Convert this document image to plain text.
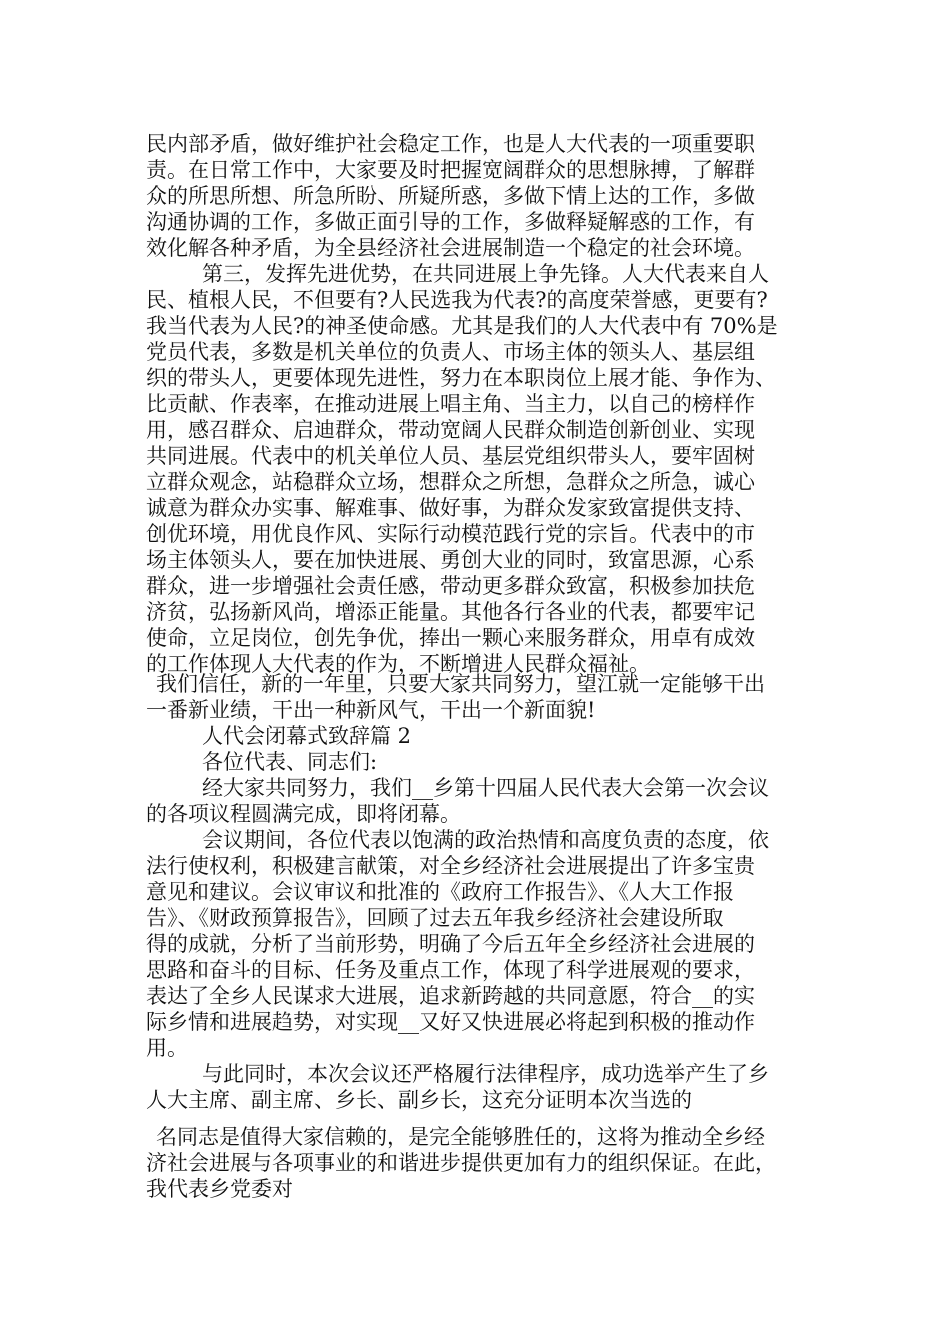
民内部矛盾，做好维护社会稳定工作，也是人大代表的一项重要职
责。在日常工作中，大家要及时把握宽阔群众的思想脉搏，了解群
众的所思所想、所急所盼、所疑所惑，多做下情上达的工作，多做
沟通协调的工作，多做正面引导的工作，多做释疑解惑的工作，有
效化解各种矛盾，为全县经济社会进展制造一个稳定的社会环境。
第三，发挥先进优势，在共同进展上争先锋。人大代表来自人
民、植根人民，不但要有?人民选我为代表?的高度荣誉感，更要有?
我当代表为人民?的神圣使命感。尤其是我们的人大代表中有 70%是
党员代表，多数是机关单位的负责人、市场主体的领头人、基层组
织的带头人，更要体现先进性，努力在本职岗位上展才能、争作为、
比贡献、作表率，在推动进展上唱主角、当主力，以自己的榜样作
用，感召群众、启迪群众，带动宽阔人民群众制造创新创业、实现
共同进展。代表中的机关单位人员、基层党组织带头人，要牢固树
立群众观念，站稳群众立场，想群众之所想，急群众之所急，诚心
诚意为群众办实事、解难事、做好事，为群众发家致富提供支持、
创优环境，用优良作风、实际行动模范践行党的宗旨。代表中的市
场主体领头人，要在加快进展、勇创大业的同时，致富思源，心系
群众，进一步增强社会责任感，带动更多群众致富，积极参加扶危
济贫，弘扬新风尚，增添正能量。其他各行各业的代表，都要牢记
使命，立足岗位，创先争优，捧出一颗心来服务群众，用卓有成效
的工作体现人大代表的作为，不断增进人民群众福祉。
我们信任，新的一年里，只要大家共同努力，望江就一定能够干出
一番新业绩，干出一种新风气，干出一个新面貌!
人代会闭幕式致辞篇 2
各位代表、同志们:
经大家共同努力，我们__乡第十四届人民代表大会第一次会议
的各项议程圆满完成，即将闭幕。
会议期间，各位代表以饱满的政治热情和高度负责的态度，依
法行使权利，积极建言献策，对全乡经济社会进展提出了许多宝贵
意见和建议。会议审议和批准的《政府工作报告》、《人大工作报
告》、《财政预算报告》，回顾了过去五年我乡经济社会建设所取
得的成就，分析了当前形势，明确了今后五年全乡经济社会进展的
思路和奋斗的目标、任务及重点工作，体现了科学进展观的要求，
表达了全乡人民谋求大进展，追求新跨越的共同意愿，符合__的实
际乡情和进展趋势，对实现__又好又快进展必将起到积极的推动作
用。
与此同时，本次会议还严格履行法律程序，成功选举产生了乡
人大主席、副主席、乡长、副乡长，这充分证明本次当选的
名同志是值得大家信赖的，是完全能够胜任的，这将为推动全乡经
济社会进展与各项事业的和谐进步提供更加有力的组织保证。在此，
我代表乡党委对
